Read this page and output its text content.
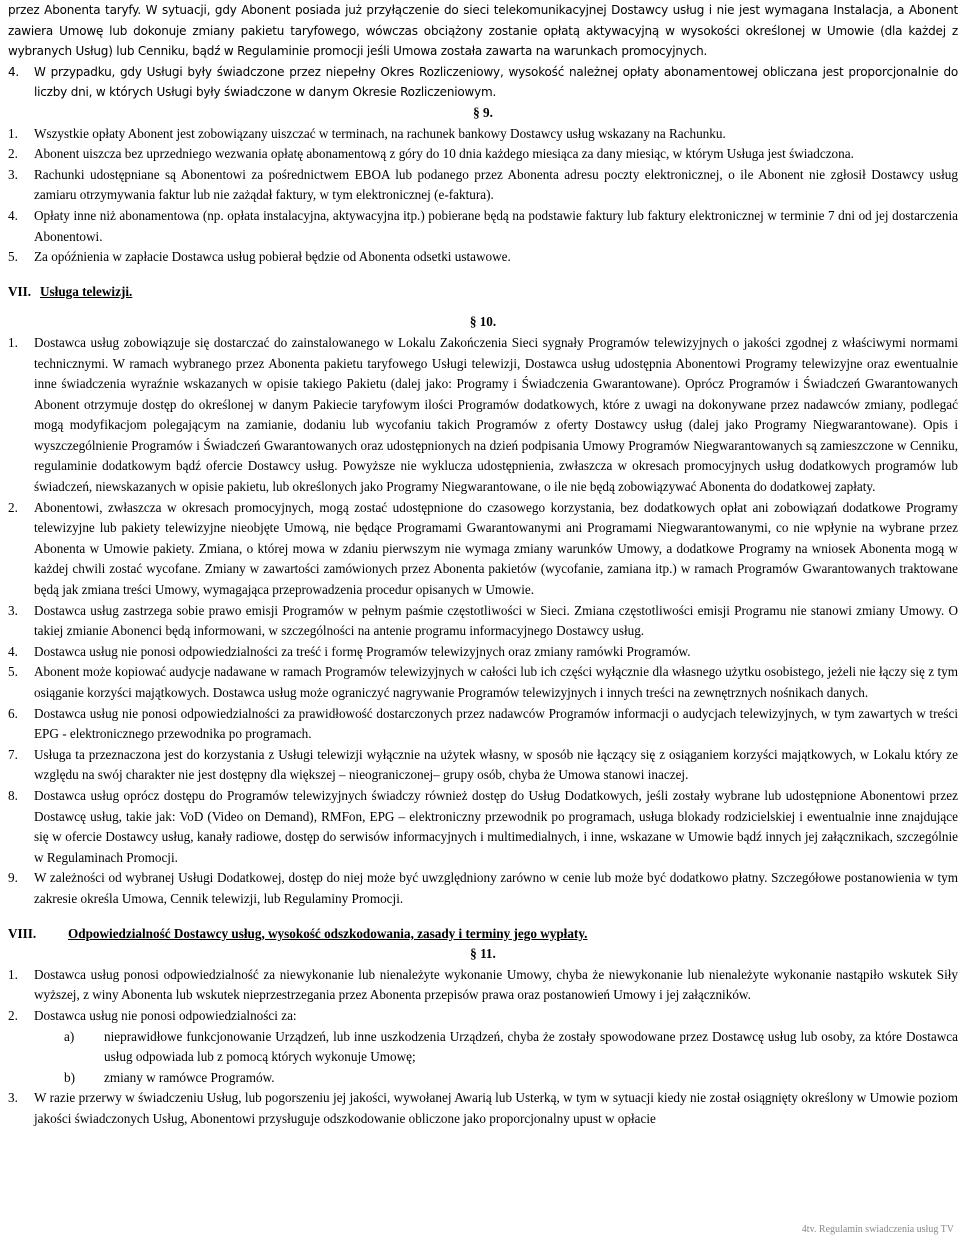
przez Abonenta taryfy. W sytuacji, gdy Abonent posiada już przyłączenie do sieci telekomunikacyjnej Dostawcy usług i nie jest wymagana Instalacja, a Abonent zawiera Umowę lub dokonuje zmiany pakietu taryfowego, wówczas obciążony zostanie opłatą aktywacyjną w wysokości określonej w Umowie (dla każdej z wybranych Usług) lub Cenniku, bądź w Regulaminie promocji jeśli Umowa została zawarta na warunkach promocyjnych.

4.	W przypadku, gdy Usługi były świadczone przez niepełny Okres Rozliczeniowy, wysokość należnej opłaty abonamentowej obliczana jest proporcjonalnie do liczby dni, w których Usługi były świadczone w danym Okresie Rozliczeniowym.
§ 9.
1.	Wszystkie opłaty Abonent jest zobowiązany uiszczać w terminach, na rachunek bankowy Dostawcy usług wskazany na Rachunku.
2.	Abonent uiszcza bez uprzedniego wezwania opłatę abonamentową z góry do 10 dnia każdego miesiąca za dany miesiąc, w którym Usługa jest świadczona.
3.	Rachunki udostępniane są Abonentowi za pośrednictwem EBOA lub podanego przez Abonenta adresu poczty elektronicznej, o ile Abonent nie zgłosił Dostawcy usług zamiaru otrzymywania faktur lub nie zażądał faktury, w tym elektronicznej (e-faktura).
4.	Opłaty inne niż abonamentowa (np. opłata instalacyjna, aktywacyjna itp.) pobierane będą na podstawie faktury lub faktury elektronicznej w terminie 7 dni od jej dostarczenia Abonentowi.
5.	Za opóźnienia w zapłacie Dostawca usług pobierał będzie od Abonenta odsetki ustawowe.
VII. Usługa telewizji.
§ 10.
1.	Dostawca usług zobowiązuje się dostarczać do zainstalowanego w Lokalu Zakończenia Sieci sygnały Programów telewizyjnych o jakości zgodnej z właściwymi normami technicznymi. W ramach wybranego przez Abonenta pakietu taryfowego Usługi telewizji, Dostawca usług udostępnia Abonentowi Programy telewizyjne oraz ewentualnie inne świadczenia wyraźnie wskazanych w opisie takiego Pakietu (dalej jako: Programy i Świadczenia Gwarantowane). Oprócz Programów i Świadczeń Gwarantowanych Abonent otrzymuje dostęp do określonej w danym Pakiecie taryfowym ilości Programów dodatkowych, które z uwagi na dokonywane przez nadawców zmiany, podlegać mogą modyfikacjom polegającym na zamianie, dodaniu lub wycofaniu takich Programów z oferty Dostawcy usług (dalej jako Programy Niegwarantowane). Opis i wyszczególnienie Programów i Świadczeń Gwarantowanych oraz udostępnionych na dzień podpisania Umowy Programów Niegwarantowanych są zamieszczone w Cenniku, regulaminie dodatkowym bądź ofercie Dostawcy usług. Powyższe nie wyklucza udostępnienia, zwłaszcza w okresach promocyjnych usług dodatkowych programów lub świadczeń, niewskazanych w opisie pakietu, lub określonych jako Programy Niegwarantowane, o ile nie będą zobowiązywać Abonenta do dodatkowej zapłaty.
2.	Abonentowi, zwłaszcza w okresach promocyjnych, mogą zostać udostępnione do czasowego korzystania, bez dodatkowych opłat ani zobowiązań dodatkowe Programy telewizyjne lub pakiety telewizyjne nieobjęte Umową, nie będące Programami Gwarantowanymi ani Programami Niegwarantowanymi, co nie wpłynie na wybrane przez Abonenta w Umowie pakiety. Zmiana, o której mowa w zdaniu pierwszym nie wymaga zmiany warunków Umowy, a dodatkowe Programy na wniosek Abonenta mogą w każdej chwili zostać wycofane. Zmiany w zawartości zamówionych przez Abonenta pakietów (wycofanie, zamiana itp.) w ramach Programów Gwarantowanych traktowane będą jak zmiana treści Umowy, wymagająca przeprowadzenia procedur opisanych w Umowie.
3.	Dostawca usług zastrzega sobie prawo emisji Programów w pełnym paśmie częstotliwości w Sieci. Zmiana częstotliwości emisji Programu nie stanowi zmiany Umowy. O takiej zmianie Abonenci będą informowani, w szczególności na antenie programu informacyjnego Dostawcy usług.
4.	Dostawca usług nie ponosi odpowiedzialności za treść i formę Programów telewizyjnych oraz zmiany ramówki Programów.
5.	Abonent może kopiować audycje nadawane w ramach Programów telewizyjnych w całości lub ich części wyłącznie dla własnego użytku osobistego, jeżeli nie łączy się z tym osiąganie korzyści majątkowych. Dostawca usług może ograniczyć nagrywanie Programów telewizyjnych i innych treści na zewnętrznych nośnikach danych.
6.	Dostawca usług nie ponosi odpowiedzialności za prawidłowość dostarczonych przez nadawców Programów informacji o audycjach telewizyjnych, w tym zawartych w treści EPG - elektronicznego przewodnika po programach.
7.	Usługa ta przeznaczona jest do korzystania z Usługi telewizji wyłącznie na użytek własny, w sposób nie łączący się z osiąganiem korzyści majątkowych, w Lokalu który ze względu na swój charakter nie jest dostępny dla większej – nieograniczonej– grupy osób, chyba że Umowa stanowi inaczej.
8.	Dostawca usług oprócz dostępu do Programów telewizyjnych świadczy również dostęp do Usług Dodatkowych, jeśli zostały wybrane lub udostępnione Abonentowi przez Dostawcę usług, takie jak: VoD (Video on Demand), RMFon, EPG – elektroniczny przewodnik po programach, usługa blokady rodzicielskiej i ewentualnie inne znajdujące się w ofercie Dostawcy usług, kanały radiowe, dostęp do serwisów informacyjnych i multimedialnych, i inne, wskazane w Umowie bądź innych jej załącznikach, szczególnie w Regulaminach Promocji.
9.	W zależności od wybranej Usługi Dodatkowej, dostęp do niej może być uwzględniony zarówno w cenie lub może być dodatkowo płatny. Szczegółowe postanowienia w tym zakresie określa Umowa, Cennik telewizji, lub Regulaminy Promocji.
VIII.	Odpowiedzialność Dostawcy usług, wysokość odszkodowania, zasady i terminy jego wypłaty.
§ 11.
1.	Dostawca usług ponosi odpowiedzialność za niewykonanie lub nienależyte wykonanie Umowy, chyba że niewykonanie lub nienależyte wykonanie nastąpiło wskutek Siły wyższej, z winy Abonenta lub wskutek nieprzestrzegania przez Abonenta przepisów prawa oraz postanowień Umowy i jej załączników.
2.	Dostawca usług nie ponosi odpowiedzialności za:
a)	nieprawidłowe funkcjonowanie Urządzeń, lub inne uszkodzenia Urządzeń, chyba że zostały spowodowane przez Dostawcę usług lub osoby, za które Dostawca usług odpowiada lub z pomocą których wykonuje Umowę;
b)	zmiany w ramówce Programów.
3.	W razie przerwy w świadczeniu Usług, lub pogorszeniu jej jakości, wywołanej Awarią lub Usterką, w tym w sytuacji kiedy nie został osiągnięty określony w Umowie poziom jakości świadczonych Usług, Abonentowi przysługuje odszkodowanie obliczone jako proporcjonalny upust w opłacie
4tv. Regulamin swiadczenia usług TV
